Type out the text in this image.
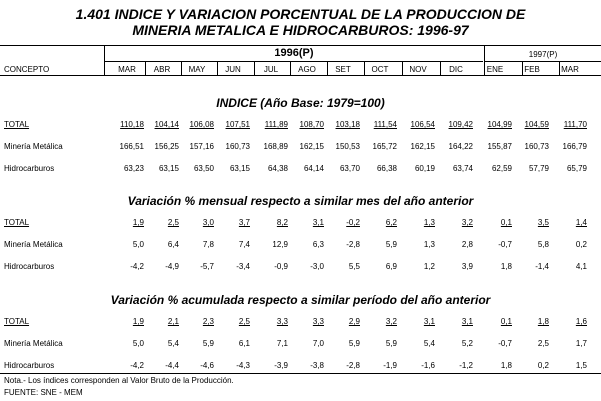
1.401 INDICE Y VARIACION PORCENTUAL DE LA PRODUCCION DE
MINERIA METALICA E HIDROCARBUROS: 1996-97
1996(P)	1997(P)
CONCEPTO	MAR	ABR	MAY	JUN	JUL	AGO	SET	OCT	NOV	DIC	ENE	FEB	MAR
INDICE (Año Base: 1979=100)
TOTAL	110,18	104,14	106,08	107,51	111,89	108,70	103,18	111,54	106,54	109,42	104,99	104,59	111,70
Minería Metálica	166,51	156,25	157,16	160,73	168,89	162,15	150,53	165,72	162,15	164,22	155,87	160,73	166,79
Hidrocarburos	63,23	63,15	63,50	63,15	64,38	64,14	63,70	66,38	60,19	63,74	62,59	57,79	65,79
Variación % mensual respecto a similar mes del año anterior
TOTAL	1,9	2,5	3,0	3,7	8,2	3,1	-0,2	6,2	1,3	3,2	0,1	3,5	1,4
Minería Metálica	5,0	6,4	7,8	7,4	12,9	6,3	-2,8	5,9	1,3	2,8	-0,7	5,8	0,2
Hidrocarburos	-4,2	-4,9	-5,7	-3,4	-0,9	-3,0	5,5	6,9	1,2	3,9	1,8	-1,4	4,1
Variación % acumulada respecto a similar período del año anterior
TOTAL	1,9	2,1	2,3	2,5	3,3	3,3	2,9	3,2	3,1	3,1	0,1	1,8	1,6
Minería Metálica	5,0	5,4	5,9	6,1	7,1	7,0	5,9	5,9	5,4	5,2	-0,7	2,5	1,7
Hidrocarburos	-4,2	-4,4	-4,6	-4,3	-3,9	-3,8	-2,8	-1,9	-1,6	-1,2	1,8	0,2	1,5
Nota.- Los índices corresponden al Valor Bruto de la Producción.
FUENTE: SNE - MEM
